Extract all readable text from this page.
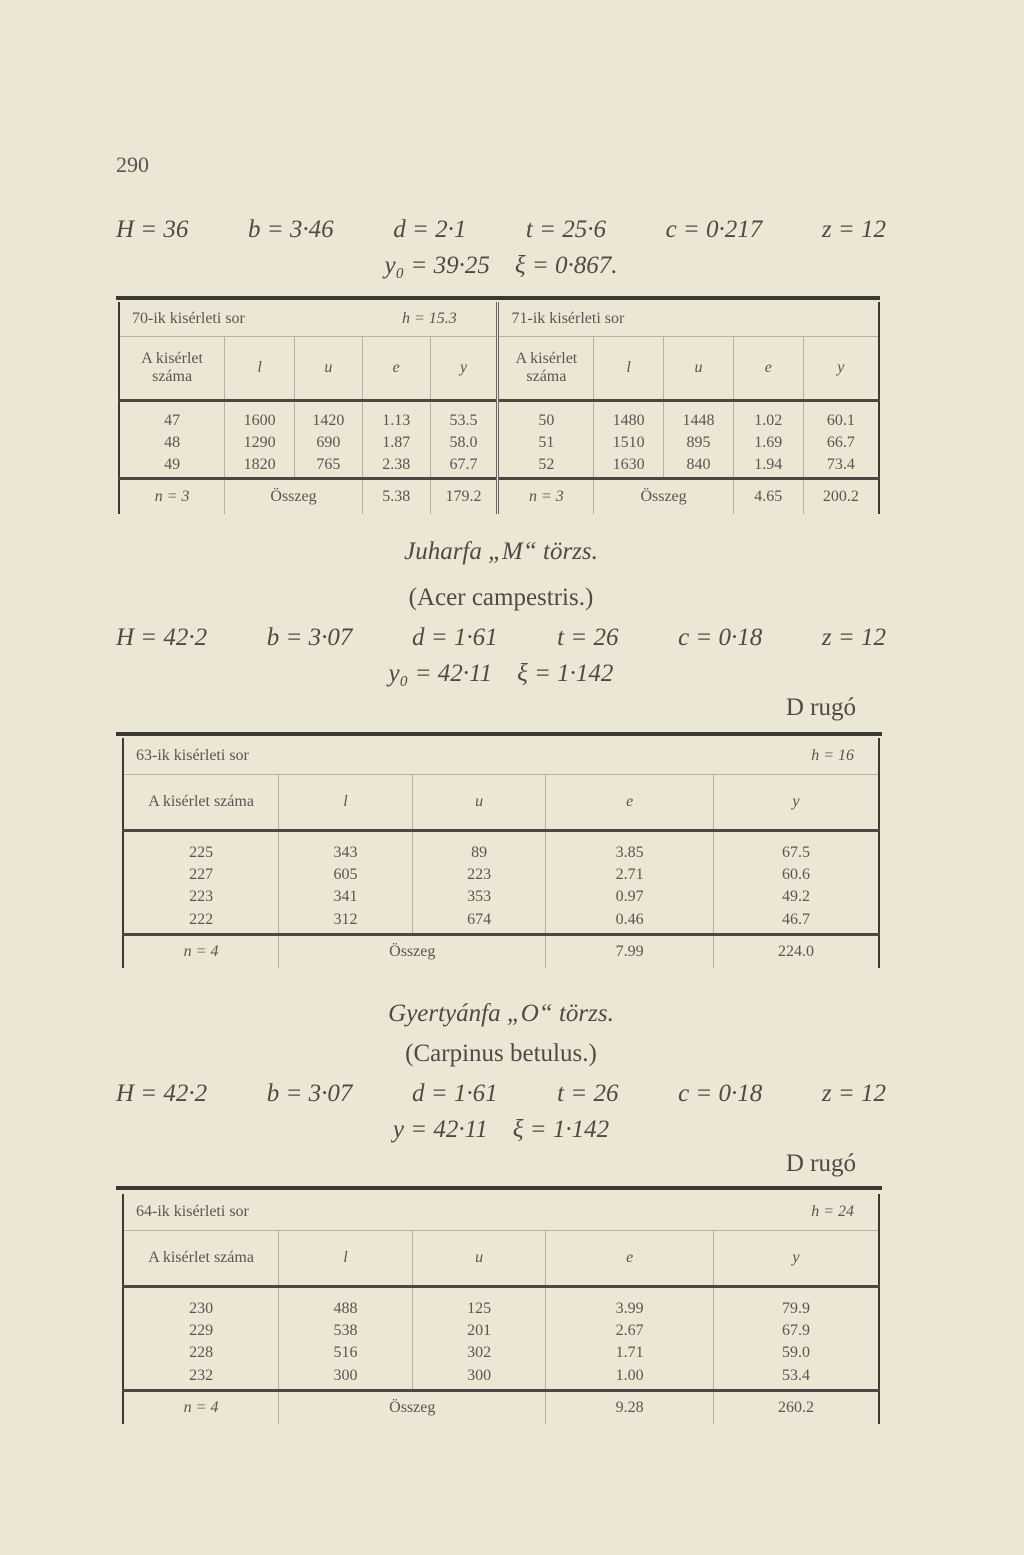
290
H = 36 b = 3·46 d = 2·1 t = 25·6 c = 0·217 z = 12
y₀ = 39·25 ξ = 0·867.
70-ik kisérleti sor			h = 15.3		71-ik kisérleti sor				
A kisérlet száma	l	u	e	y	A kisérlet száma	l	u	e	y

47	1600	1420	1.13	53.5	50	1480	1448	1.02	60.1
48	1290	690	1.87	58.0	51	1510	895	1.69	66.7
49	1820	765	2.38	67.7	52	1630	840	1.94	73.4
n = 3	Összeg		5.38	179.2	n = 3	Összeg		4.65	200.2
Juharfa „M“ törzs.
(Acer campestris.)
H = 42·2 b = 3·07 d = 1·61 t = 26 c = 0·18 z = 12
y₀ = 42·11 ξ = 1·142
D rugó
63-ik kisérleti sor				h = 16
A kisérlet száma	l	u	e	y

225	343	89	3.85	67.5
227	605	223	2.71	60.6
223	341	353	0.97	49.2
222	312	674	0.46	46.7
n = 4	Összeg		7.99	224.0
Gyertyánfa „O“ törzs.
(Carpinus betulus.)
H = 42·2 b = 3·07 d = 1·61 t = 26 c = 0·18 z = 12
y = 42·11 ξ = 1·142
D rugó
64-ik kisérleti sor				h = 24
A kisérlet száma	l	u	e	y

230	488	125	3.99	79.9
229	538	201	2.67	67.9
228	516	302	1.71	59.0
232	300	300	1.00	53.4
n = 4	Összeg		9.28	260.2
